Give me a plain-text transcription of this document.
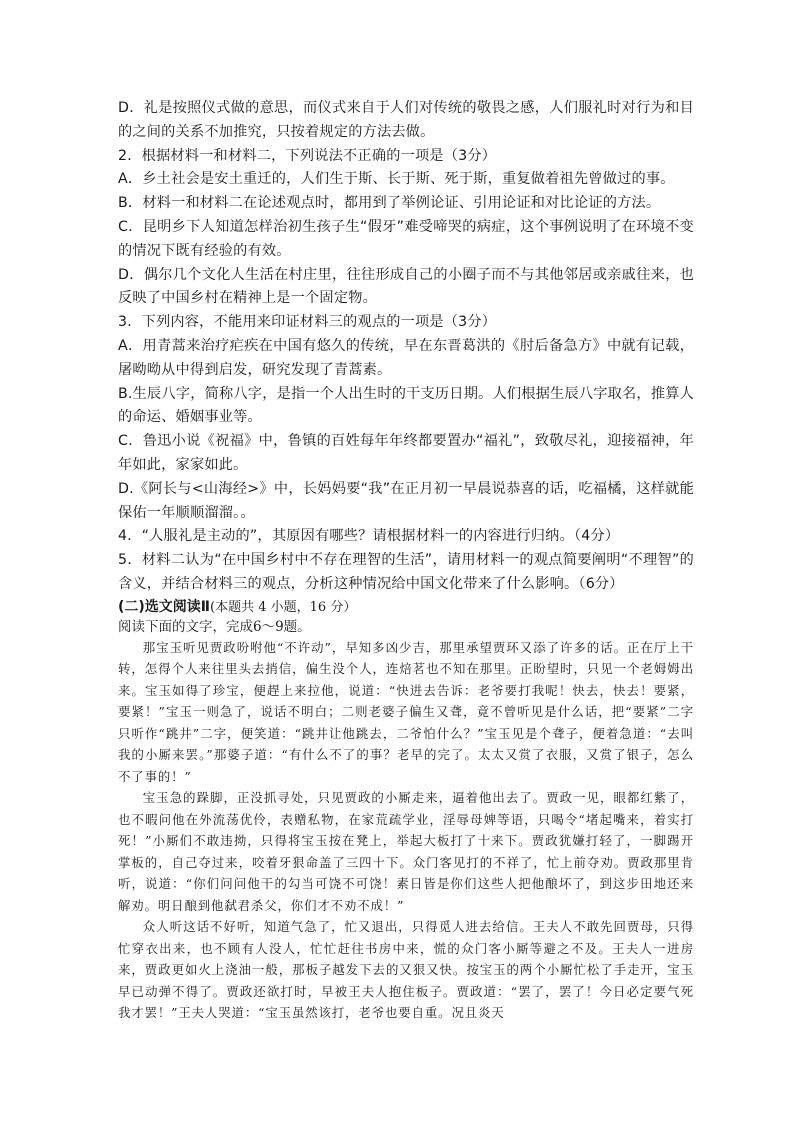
D．礼是按照仪式做的意思，而仪式来自于人们对传统的敬畏之感，人们服礼时对行为和目的之间的关系不加推究，只按着规定的方法去做。

2．根据材料一和材料二，下列说法不正确的一项是（3分）

A．乡土社会是安土重迁的，人们生于斯、长于斯、死于斯，重复做着祖先曾做过的事。

B．材料一和材料二在论述观点时，都用到了举例论证、引用论证和对比论证的方法。

C．昆明乡下人知道怎样治初生孩子生“假牙”难受啼哭的病症，这个事例说明了在环境不变的情况下既有经验的有效。

D．偶尔几个文化人生活在村庄里，往往形成自己的小圈子而不与其他邻居或亲戚往来，也反映了中国乡村在精神上是一个固定物。

3．下列内容，不能用来印证材料三的观点的一项是（3分）

A．用青蒿来治疗疟疾在中国有悠久的传统，早在东晋葛洪的《肘后备急方》中就有记载，屠呦呦从中得到启发，研究发现了青蒿素。

B.生辰八字，简称八字，是指一个人出生时的干支历日期。人们根据生辰八字取名，推算人的命运、婚姻事业等。

C．鲁迅小说《祝福》中，鲁镇的百姓每年年终都要置办“福礼”，致敬尽礼，迎接福神，年年如此，家家如此。

D.《阿长与<山海经>》中，长妈妈要“我”在正月初一早晨说恭喜的话，吃福橘，这样就能保佑一年顺顺溜溜。。

4．“人服礼是主动的”，其原因有哪些？请根据材料一的内容进行归纳。（4分）

5．材料二认为“在中国乡村中不存在理智的生活”，请用材料一的观点简要阐明“不理智”的含义，并结合材料三的观点，分析这种情况给中国文化带来了什么影响。（6分）

(二)选文阅读Ⅱ(本题共 4 小题，16 分）

阅读下面的文字，完成6～9题。

那宝玉听见贾政吩咐他“不许动”，早知多凶少吉，那里承望贾环又添了许多的话。正在厅上干转，怎得个人来往里头去捎信，偏生没个人，连焙茗也不知在那里。正盼望时，只见一个老姆姆出来。宝玉如得了珍宝，便趕上来拉他，说道：“快进去告诉：老爷要打我呢！快去，快去！要紧，要紧！”宝玉一则急了，说话不明白；二则老婆子偏生又聋，竟不曾听见是什么话，把“要紧”二字只听作“跳井”二字，便笑道：“跳井让他跳去，二爷怕什么？”宝玉见是个聋子，便着急道：“去叫我的小厮来罢。”那婆子道：“有什么不了的事？老早的完了。太太又赏了衣服，又赏了银子，怎么不了事的！”

宝玉急的跺脚，正没抓寻处，只见贾政的小厮走来，逼着他出去了。贾政一见，眼都红紫了，也不暇问他在外流荡优伶，表赠私物，在家荒疏学业，淫辱母婢等语，只喝令“堵起嘴来，着实打死！”小厮们不敢违拗，只得将宝玉按在凳上，举起大板打了十来下。贾政犹嫌打轻了，一脚踢开掌板的，自己夺过来，咬着牙狠命盖了三四十下。众门客见打的不祥了，忙上前夺劝。贾政那里肯听，说道：“你们问问他干的勾当可饶不可饶！素日皆是你们这些人把他酿坏了，到这步田地还来解劝。明日酿到他弑君杀父，你们才不劝不成！”

众人听这话不好听，知道气急了，忙又退出，只得觅人进去给信。王夫人不敢先回贾母，只得忙穿衣出来，也不顾有人没人，忙忙赶往书房中来，慌的众门客小厮等避之不及。王夫人一进房来，贾政更如火上浇油一般，那板子越发下去的又狠又快。按宝玉的两个小厮忙松了手走开，宝玉早已动弹不得了。贾政还欲打时，早被王夫人抱住板子。贾政道：“罢了，罢了！今日必定要气死我才罢！”王夫人哭道：“宝玉虽然该打，老爷也要自重。况且炎天
